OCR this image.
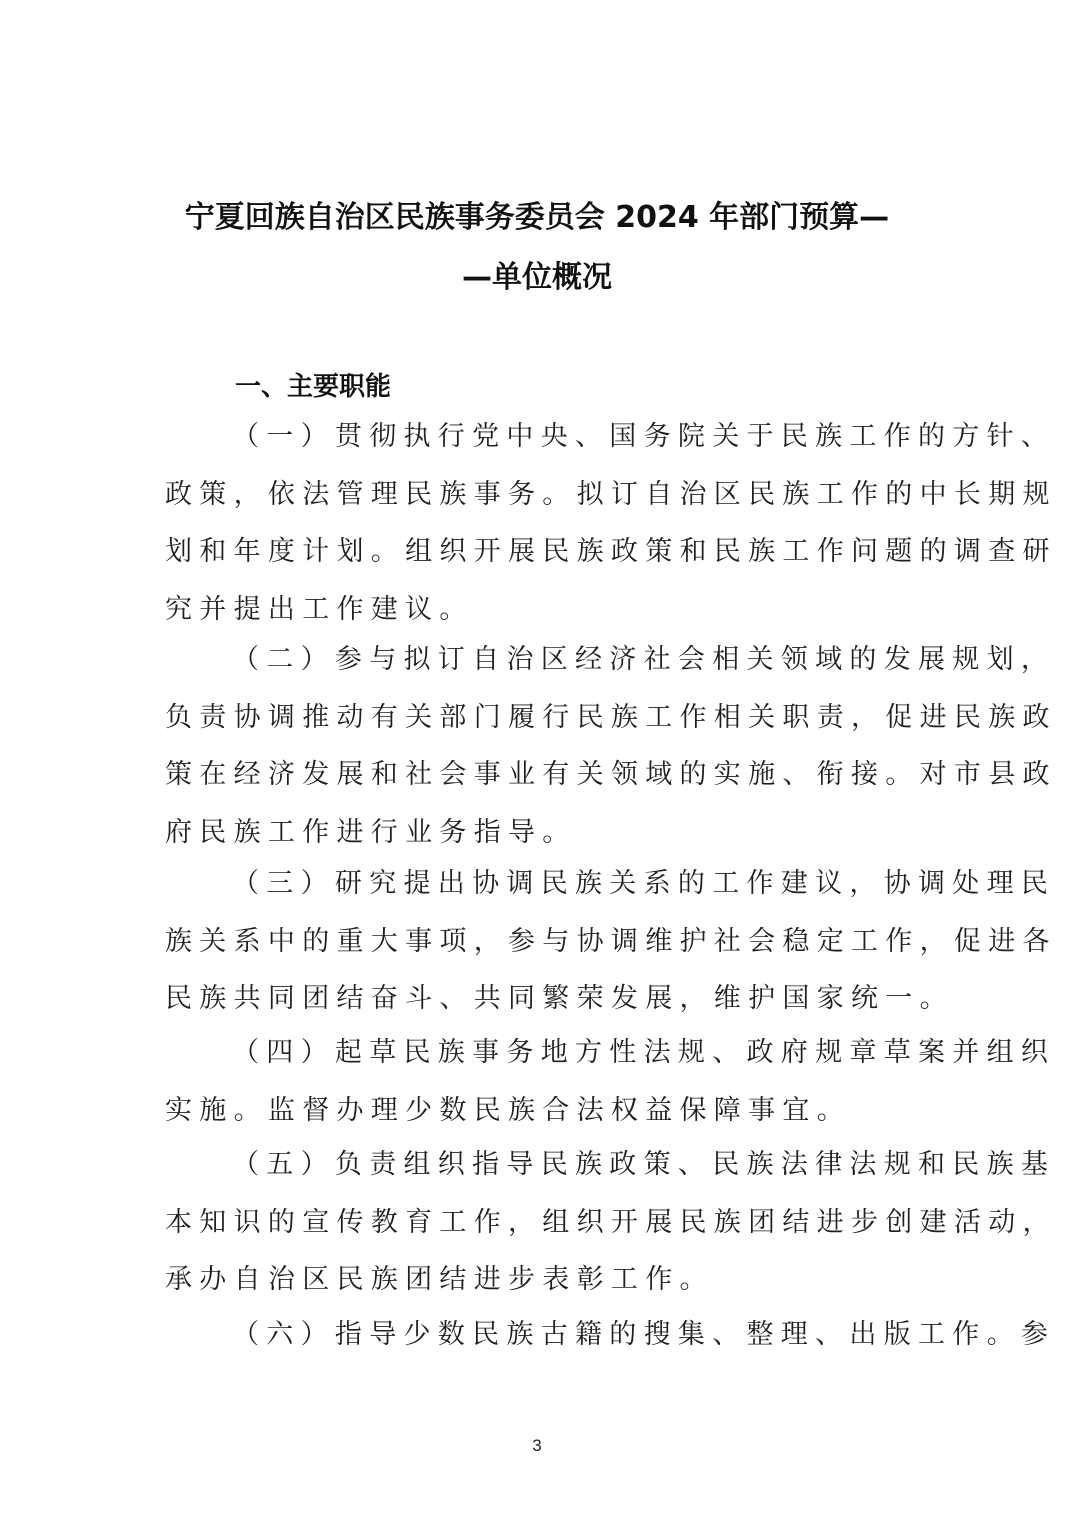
宁夏回族自治区民族事务委员会 2024 年部门预算—
—单位概况
一、主要职能
（一）贯彻执行党中央、国务院关于民族工作的方针、
政策，依法管理民族事务。拟订自治区民族工作的中长期规
划和年度计划。组织开展民族政策和民族工作问题的调查研
究并提出工作建议。
（二）参与拟订自治区经济社会相关领域的发展规划，
负责协调推动有关部门履行民族工作相关职责，促进民族政
策在经济发展和社会事业有关领域的实施、衔接。对市县政
府民族工作进行业务指导。
（三）研究提出协调民族关系的工作建议，协调处理民
族关系中的重大事项，参与协调维护社会稳定工作，促进各
民族共同团结奋斗、共同繁荣发展，维护国家统一。
（四）起草民族事务地方性法规、政府规章草案并组织
实施。监督办理少数民族合法权益保障事宜。
（五）负责组织指导民族政策、民族法律法规和民族基
本知识的宣传教育工作，组织开展民族团结进步创建活动，
承办自治区民族团结进步表彰工作。
（六）指导少数民族古籍的搜集、整理、出版工作。参
3
